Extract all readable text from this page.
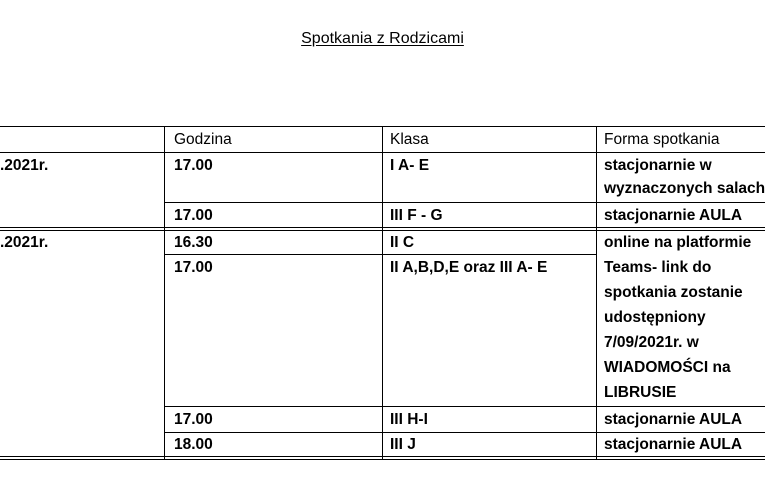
Spotkania z Rodzicami
Godzina	Klasa	Forma spotkania
.2021r.	17.00	I A- E	stacjonarnie w
wyznaczonych salach
17.00	III F - G	stacjonarnie AULA
.2021r.	16.30	II C	online na platformie
17.00	II A,B,D,E oraz III A- E	Teams- link do
spotkania zostanie
udostępniony
7/09/2021r. w
WIADOMOŚCI na
LIBRUSIE
17.00	III H-I	stacjonarnie AULA
18.00	III J	stacjonarnie AULA
